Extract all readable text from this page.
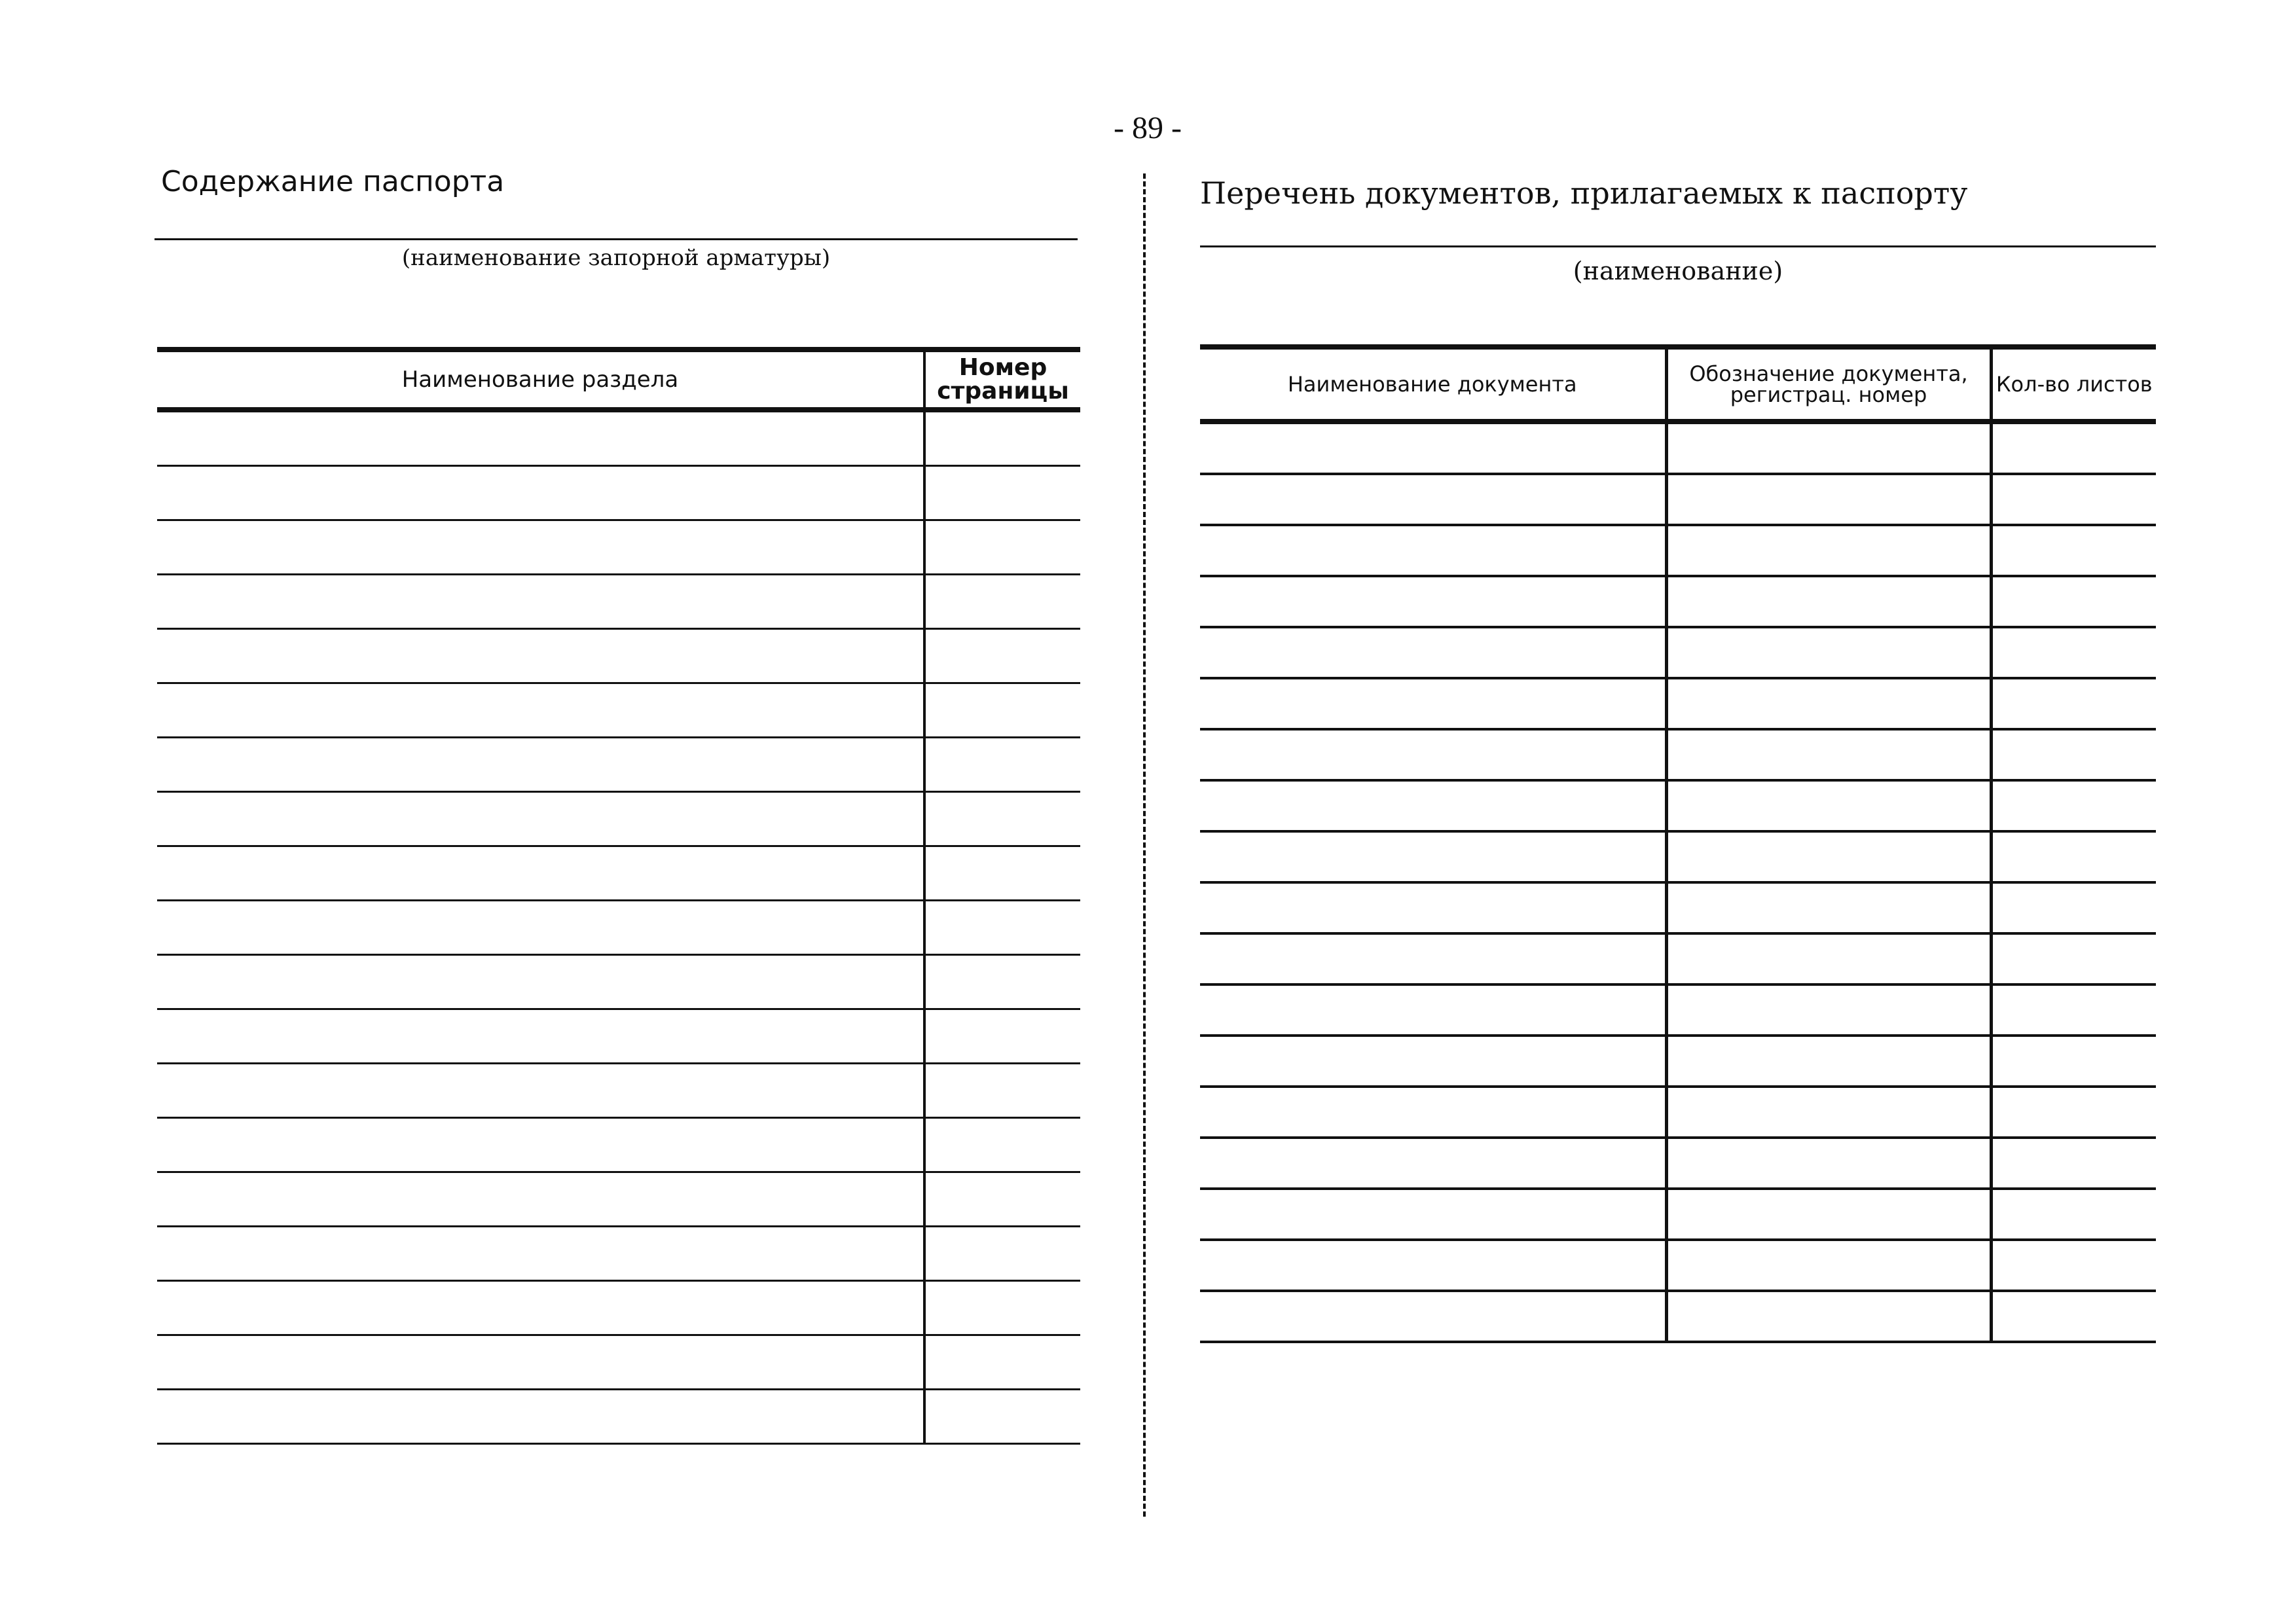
- 89 -
Содержание паспорта
(наименование запорной арматуры)
Наименование раздела	Номер страницы

Перечень документов, прилагаемых к паспорту
(наименование)
Наименование документа	Обозначение документа, регистрац. номер	Кол-во листов
